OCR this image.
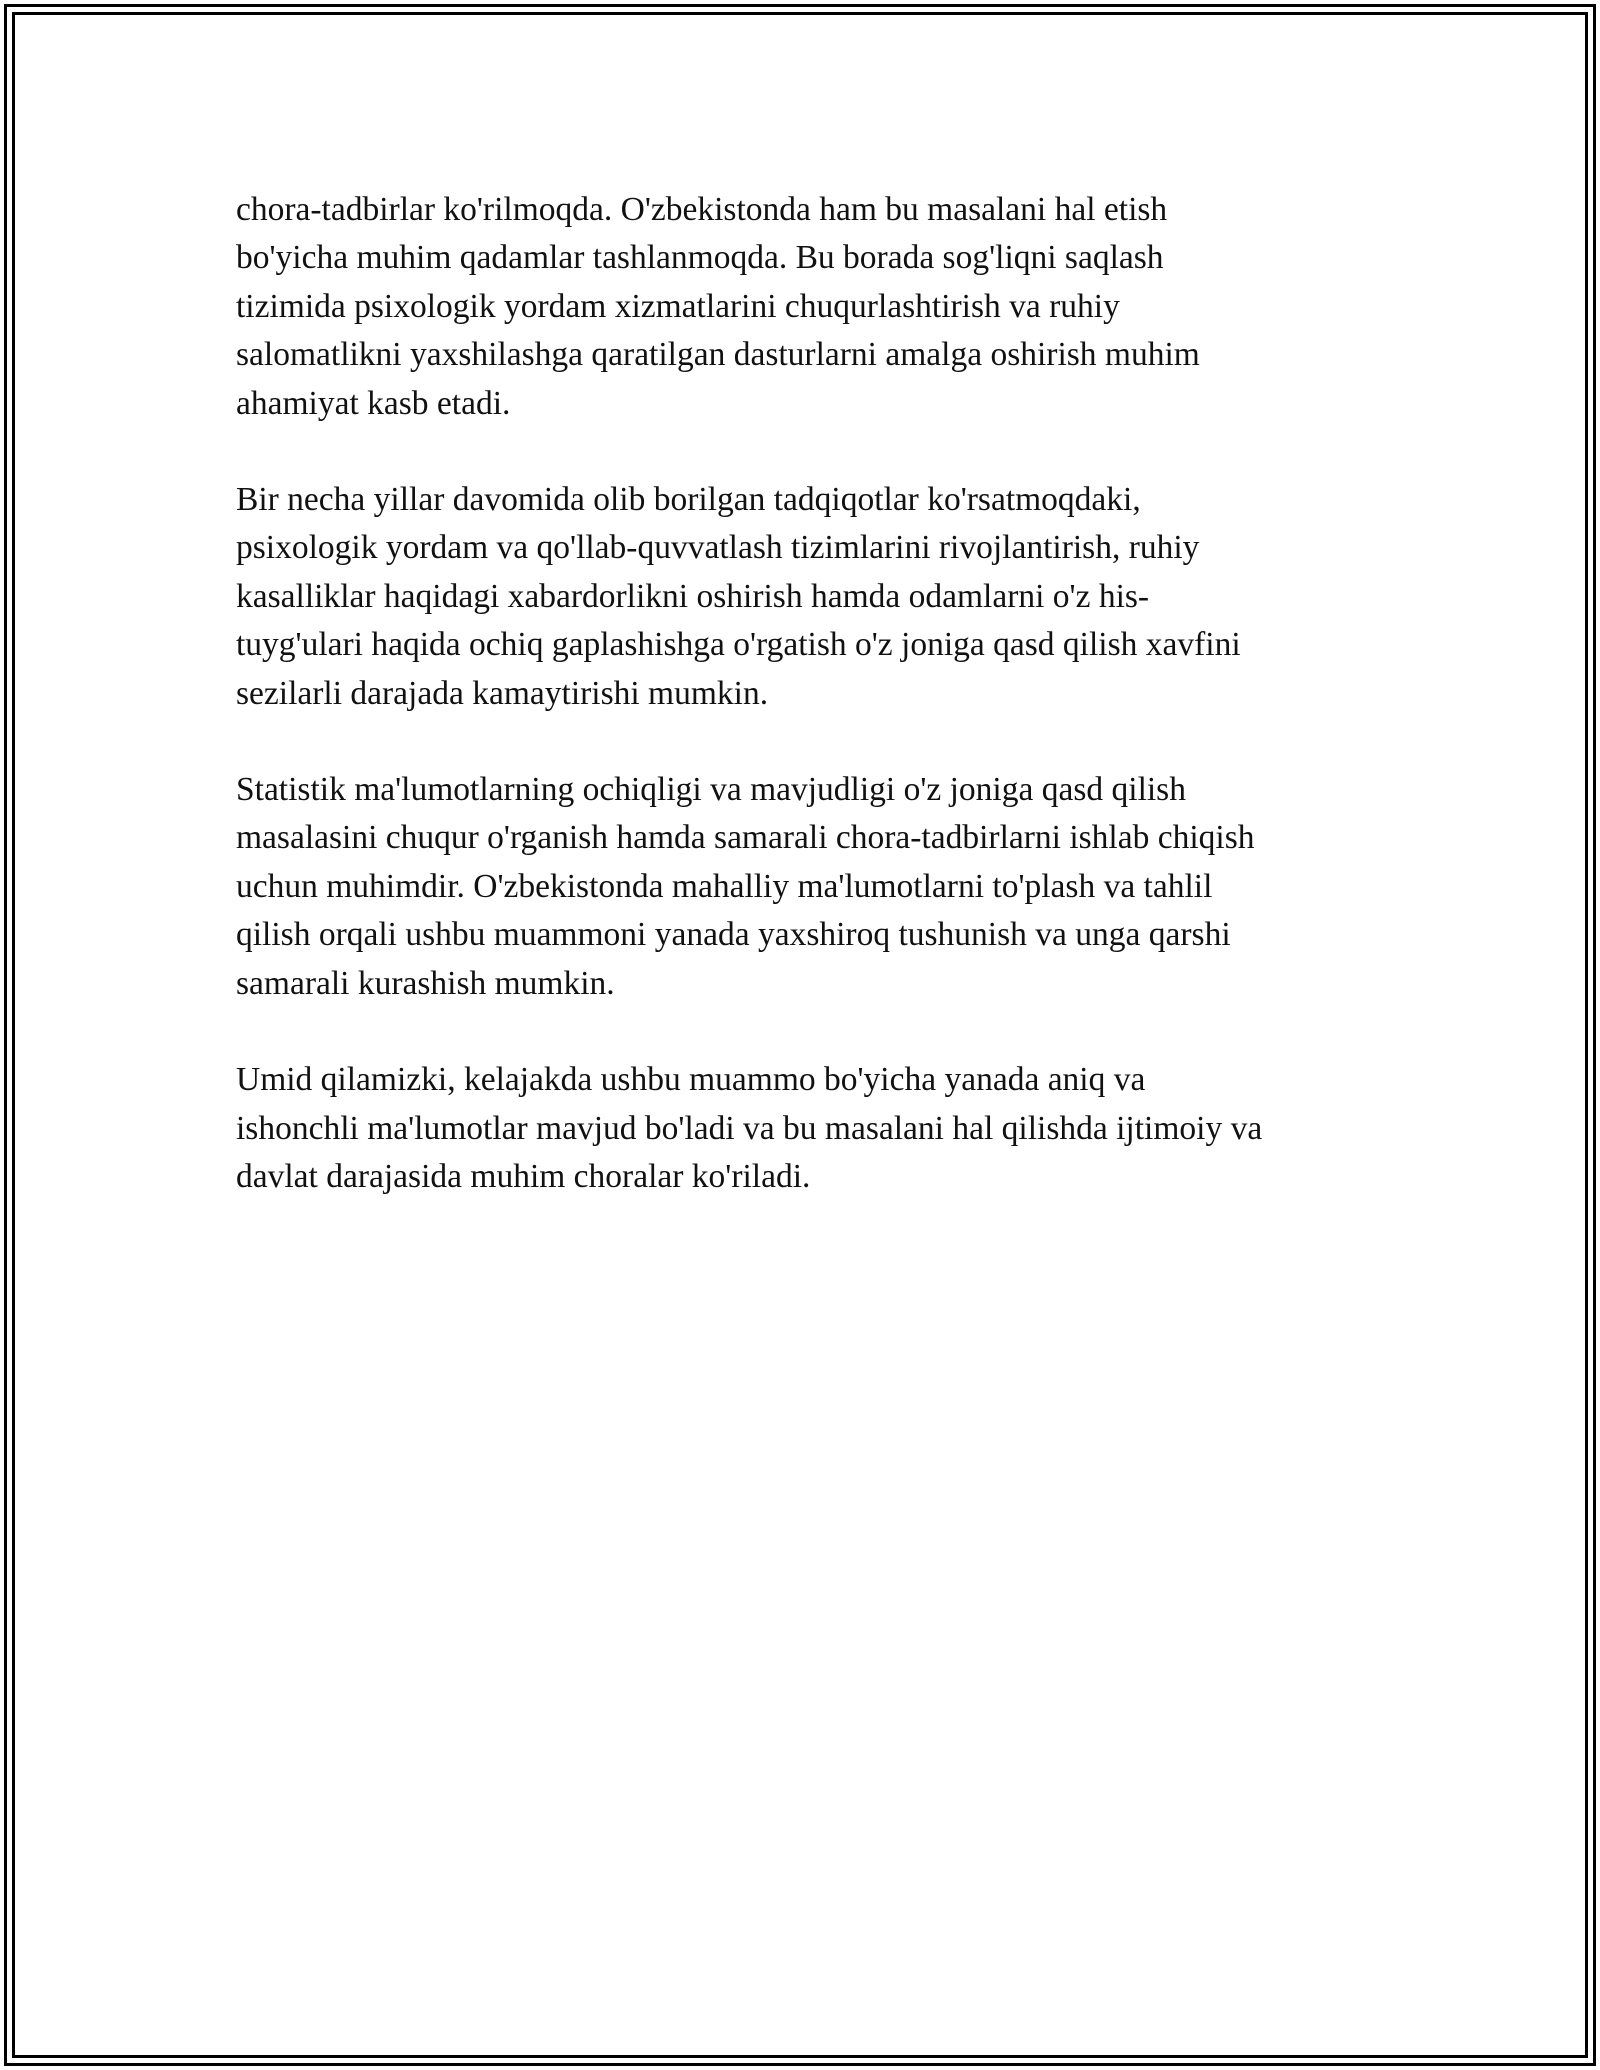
chora-tadbirlar ko'rilmoqda. O'zbekistonda ham bu masalani hal etish
bo'yicha muhim qadamlar tashlanmoqda. Bu borada sog'liqni saqlash
tizimida psixologik yordam xizmatlarini chuqurlashtirish va ruhiy
salomatlikni yaxshilashga qaratilgan dasturlarni amalga oshirish muhim
ahamiyat kasb etadi.

Bir necha yillar davomida olib borilgan tadqiqotlar ko'rsatmoqdaki,
psixologik yordam va qo'llab-quvvatlash tizimlarini rivojlantirish, ruhiy
kasalliklar haqidagi xabardorlikni oshirish hamda odamlarni o'z his-
tuyg'ulari haqida ochiq gaplashishga o'rgatish o'z joniga qasd qilish xavfini
sezilarli darajada kamaytirishi mumkin.

Statistik ma'lumotlarning ochiqligi va mavjudligi o'z joniga qasd qilish
masalasini chuqur o'rganish hamda samarali chora-tadbirlarni ishlab chiqish
uchun muhimdir. O'zbekistonda mahalliy ma'lumotlarni to'plash va tahlil
qilish orqali ushbu muammoni yanada yaxshiroq tushunish va unga qarshi
samarali kurashish mumkin.

Umid qilamizki, kelajakda ushbu muammo bo'yicha yanada aniq va
ishonchli ma'lumotlar mavjud bo'ladi va bu masalani hal qilishda ijtimoiy va
davlat darajasida muhim choralar ko'riladi.
